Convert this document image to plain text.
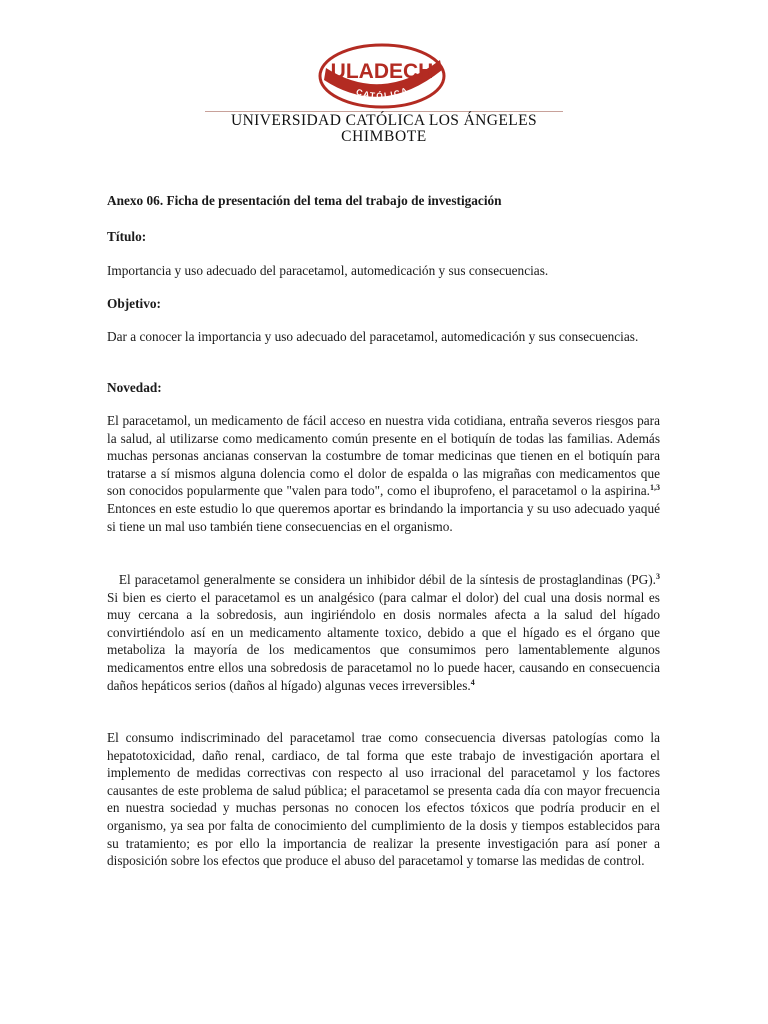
ULADECH
CATÓLICA
UNIVERSIDAD CATÓLICA LOS ÁNGELES
CHIMBOTE

Anexo 06. Ficha de presentación del tema del trabajo de investigación

Título:

Importancia y uso adecuado del paracetamol, automedicación y sus consecuencias.

Objetivo:

Dar a conocer la importancia y uso adecuado del paracetamol, automedicación y sus consecuencias.

Novedad:

El paracetamol, un medicamento de fácil acceso en nuestra vida cotidiana, entraña severos riesgos para la salud, al utilizarse como medicamento común presente en el botiquín de todas las familias. Además muchas personas ancianas conservan la costumbre de tomar medicinas que tienen en el botiquín para tratarse a sí mismos alguna dolencia como el dolor de espalda o las migrañas con medicamentos que son conocidos popularmente que "valen para todo", como el ibuprofeno, el paracetamol o la aspirina.$^{1,3}$ Entonces en este estudio lo que queremos aportar es brindando la importancia y su uso adecuado yaqué si tiene un mal uso también tiene consecuencias en el organismo.

El paracetamol generalmente se considera un inhibidor débil de la síntesis de prostaglandinas (PG).$^3$ Si bien es cierto el paracetamol es un analgésico (para calmar el dolor) del cual una dosis normal es muy cercana a la sobredosis, aun ingiriéndolo en dosis normales afecta a la salud del hígado convirtiéndolo así en un medicamento altamente toxico, debido a que el hígado es el órgano que metaboliza la mayoría de los medicamentos que consumimos pero lamentablemente algunos medicamentos entre ellos una sobredosis de paracetamol no lo puede hacer, causando en consecuencia daños hepáticos serios (daños al hígado) algunas veces irreversibles.$^4$

El consumo indiscriminado del paracetamol trae como consecuencia diversas patologías como la hepatotoxicidad, daño renal, cardiaco, de tal forma que este trabajo de investigación aportara el implemento de medidas correctivas con respecto al uso irracional del paracetamol y los factores causantes de este problema de salud pública; el paracetamol se presenta cada día con mayor frecuencia en nuestra sociedad y muchas personas no conocen los efectos tóxicos que podría producir en el organismo, ya sea por falta de conocimiento del cumplimiento de la dosis y tiempos establecidos para su tratamiento; es por ello la importancia de realizar la presente investigación para así poner a disposición sobre los efectos que produce el abuso del paracetamol y tomarse las medidas de control.
